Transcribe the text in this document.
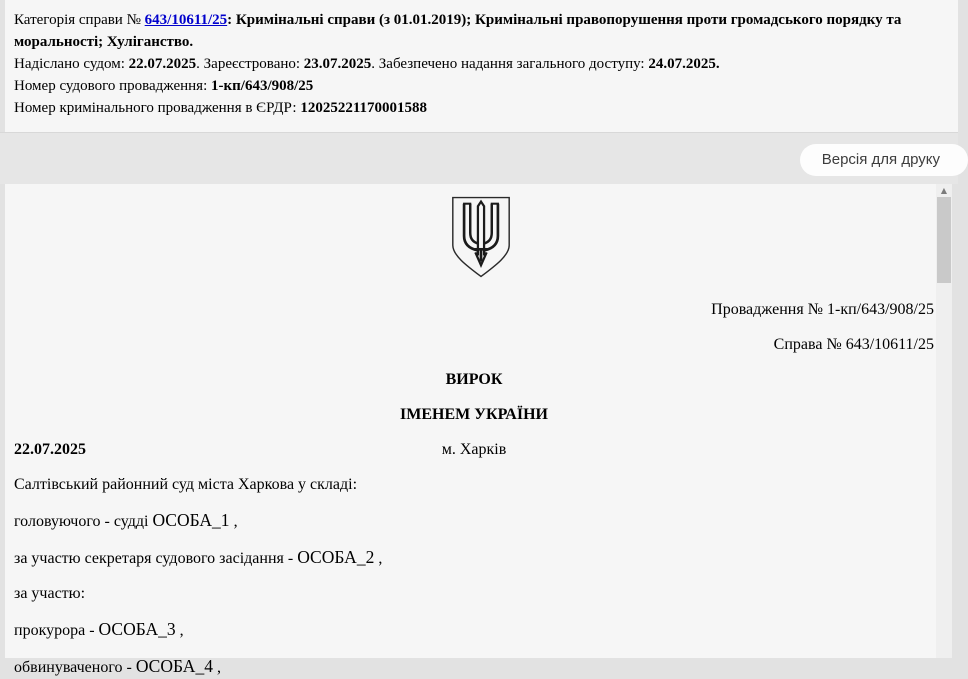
Категорія справи № 643/10611/25: Кримінальні справи (з 01.01.2019); Кримінальні правопорушення проти громадського порядку та моральності; Хуліганство.

Надіслано судом: 22.07.2025. Зареєстровано: 23.07.2025. Забезпечено надання загального доступу: 24.07.2025.

Номер судового провадження: 1-кп/643/908/25

Номер кримінального провадження в ЄРДР: 12025221170001588

Версія для друку

Провадження № 1-кп/643/908/25

Справа № 643/10611/25

ВИРОК

ІМЕНЕМ УКРАЇНИ

22.07.2025	м. Харків

Салтівський районний суд міста Харкова у складі:

головуючого - судді ОСОБА_1 ,

за участю секретаря судового засідання - ОСОБА_2 ,

за участю:

прокурора - ОСОБА_3 ,

обвинуваченого - ОСОБА_4 ,

▲
